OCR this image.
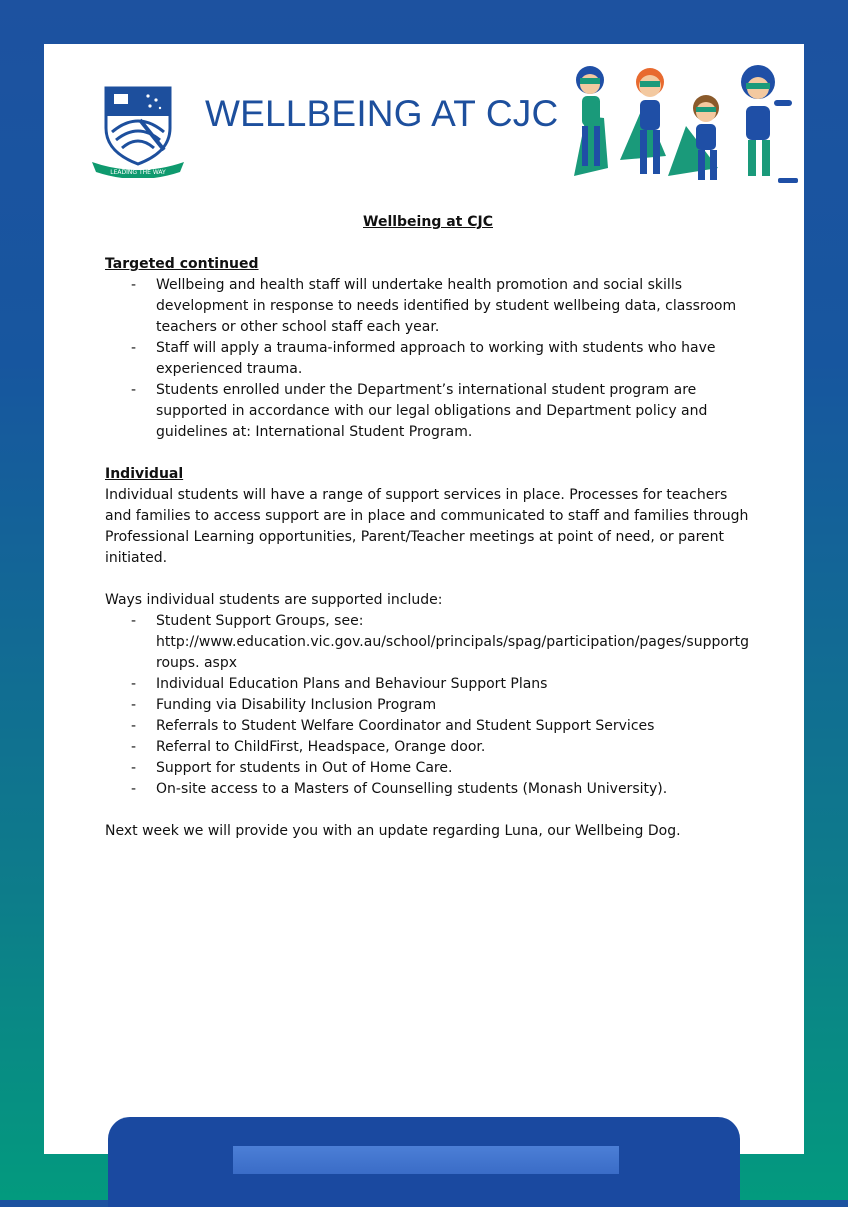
LEADING THE WAY
WELLBEING AT CJC
Wellbeing at CJC
Targeted continued
- Wellbeing and health staff will undertake health promotion and social skills development in response to needs identified by student wellbeing data, classroom teachers or other school staff each year.
- Staff will apply a trauma-informed approach to working with students who have experienced trauma.
- Students enrolled under the Department’s international student program are supported in accordance with our legal obligations and Department policy and guidelines at: International Student Program.
Individual
Individual students will have a range of support services in place. Processes for teachers and families to access support are in place and communicated to staff and families through Professional Learning opportunities, Parent/Teacher meetings at point of need, or parent initiated.
Ways individual students are supported include:
- Student Support Groups, see:
http://www.education.vic.gov.au/school/principals/spag/participation/pages/supportgroups. aspx
- Individual Education Plans and Behaviour Support Plans
- Funding via Disability Inclusion Program
- Referrals to Student Welfare Coordinator and Student Support Services
- Referral to ChildFirst, Headspace, Orange door.
- Support for students in Out of Home Care.
- On-site access to a Masters of Counselling students (Monash University).
Next week we will provide you with an update regarding Luna, our Wellbeing Dog.
